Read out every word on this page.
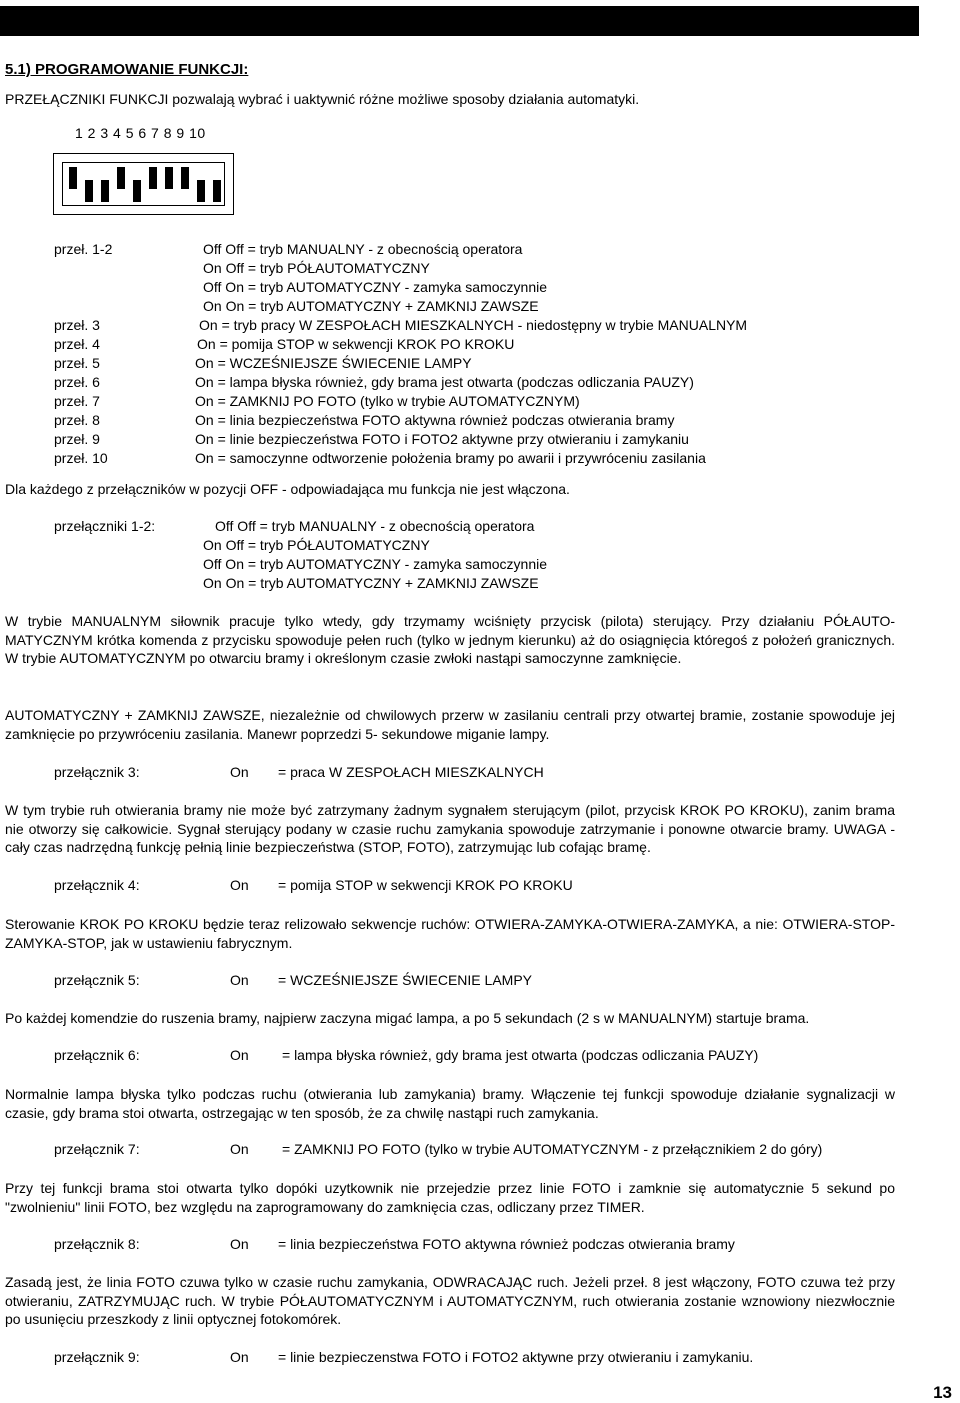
5.1) PROGRAMOWANIE FUNKCJI:
PRZEŁĄCZNIKI FUNKCJI pozwalają wybrać i uaktywnić różne możliwe sposoby działania automatyki.
1 2 3 4 5 6 7 8 9 10
przeł. 1-2	Off Off = tryb MANUALNY - z obecnością operatora
On Off = tryb PÓŁAUTOMATYCZNY
Off On = tryb AUTOMATYCZNY - zamyka samoczynnie
On On = tryb AUTOMATYCZNY + ZAMKNIJ ZAWSZE
przeł. 3	On = tryb pracy W ZESPOŁACH MIESZKALNYCH - niedostępny w trybie MANUALNYM
przeł. 4	On = pomija STOP w sekwencji KROK PO KROKU
przeł. 5	On = WCZEŚNIEJSZE ŚWIECENIE LAMPY
przeł. 6	On = lampa błyska również, gdy brama jest otwarta (podczas odliczania PAUZY)
przeł. 7	On = ZAMKNIJ PO FOTO (tylko w trybie AUTOMATYCZNYM)
przeł. 8	On = linia bezpieczeństwa FOTO aktywna również podczas otwierania bramy
przeł. 9	On = linie bezpieczeństwa FOTO i FOTO2 aktywne przy otwieraniu i zamykaniu
przeł. 10	On = samoczynne odtworzenie położenia bramy po awarii i przywróceniu zasilania
Dla każdego z przełączników w pozycji OFF - odpowiadająca mu funkcja nie jest włączona.
przełączniki 1-2:	Off Off = tryb MANUALNY - z obecnością operatora
On Off = tryb PÓŁAUTOMATYCZNY
Off On = tryb AUTOMATYCZNY - zamyka samoczynnie
On On = tryb AUTOMATYCZNY + ZAMKNIJ ZAWSZE
W trybie MANUALNYM siłownik pracuje tylko wtedy, gdy trzymamy wciśnięty przycisk (pilota) sterujący. Przy działaniu PÓŁAUTO-MATYCZNYM krótka komenda z przycisku spowoduje pełen ruch (tylko w jednym kierunku) aż do osiągnięcia któregoś z położeń granicznych. W trybie AUTOMATYCZNYM po otwarciu bramy i określonym czasie zwłoki nastąpi samoczynne zamknięcie.
AUTOMATYCZNY + ZAMKNIJ ZAWSZE, niezależnie od chwilowych przerw w zasilaniu centrali przy otwartej bramie, zostanie spowoduje jej zamknięcie po przywróceniu zasilania. Manewr poprzedzi 5- sekundowe miganie lampy.
przełącznik 3:	On = praca W ZESPOŁACH MIESZKALNYCH
W tym trybie ruh otwierania bramy nie może być zatrzymany żadnym sygnałem sterującym (pilot, przycisk KROK PO KROKU), zanim brama nie otworzy się całkowicie. Sygnał sterujący podany w czasie ruchu zamykania spowoduje zatrzymanie i ponowne otwarcie bramy. UWAGA - cały czas nadrzędną funkcję pełnią linie bezpieczeństwa (STOP, FOTO), zatrzymując lub cofając bramę.
przełącznik 4:	On = pomija STOP w sekwencji KROK PO KROKU
Sterowanie KROK PO KROKU będzie teraz relizowało sekwencje ruchów: OTWIERA-ZAMYKA-OTWIERA-ZAMYKA, a nie: OTWIERA-STOP-ZAMYKA-STOP, jak w ustawieniu fabrycznym.
przełącznik 5:	On = WCZEŚNIEJSZE ŚWIECENIE LAMPY
Po każdej komendzie do ruszenia bramy, najpierw zaczyna migać lampa, a po 5 sekundach (2 s w MANUALNYM) startuje brama.
przełącznik 6:	On = lampa błyska również, gdy brama jest otwarta (podczas odliczania PAUZY)
Normalnie lampa błyska tylko podczas ruchu (otwierania lub zamykania) bramy. Włączenie tej funkcji spowoduje działanie sygnalizacji w czasie, gdy brama stoi otwarta, ostrzegając w ten sposób, że za chwilę nastąpi ruch zamykania.
przełącznik 7:	On = ZAMKNIJ PO FOTO (tylko w trybie AUTOMATYCZNYM - z przełącznikiem 2 do góry)
Przy tej funkcji brama stoi otwarta tylko dopóki uzytkownik nie przejedzie przez linie FOTO i zamknie się automatycznie 5 sekund po "zwolnieniu" linii FOTO, bez względu na zaprogramowany do zamknięcia czas, odliczany przez TIMER.
przełącznik 8:	On = linia bezpieczeństwa FOTO aktywna również podczas otwierania bramy
Zasadą jest, że linia FOTO czuwa tylko w czasie ruchu zamykania, ODWRACAJĄC ruch. Jeżeli przeł. 8 jest włączony, FOTO czuwa też przy otwieraniu, ZATRZYMUJĄC ruch. W trybie PÓŁAUTOMATYCZNYM i AUTOMATYCZNYM, ruch otwierania zostanie wznowiony niezwłocznie po usunięciu przeszkody z linii optycznej fotokomórek.
przełącznik 9:	On = linie bezpieczenstwa FOTO i FOTO2 aktywne przy otwieraniu i zamykaniu.
13
